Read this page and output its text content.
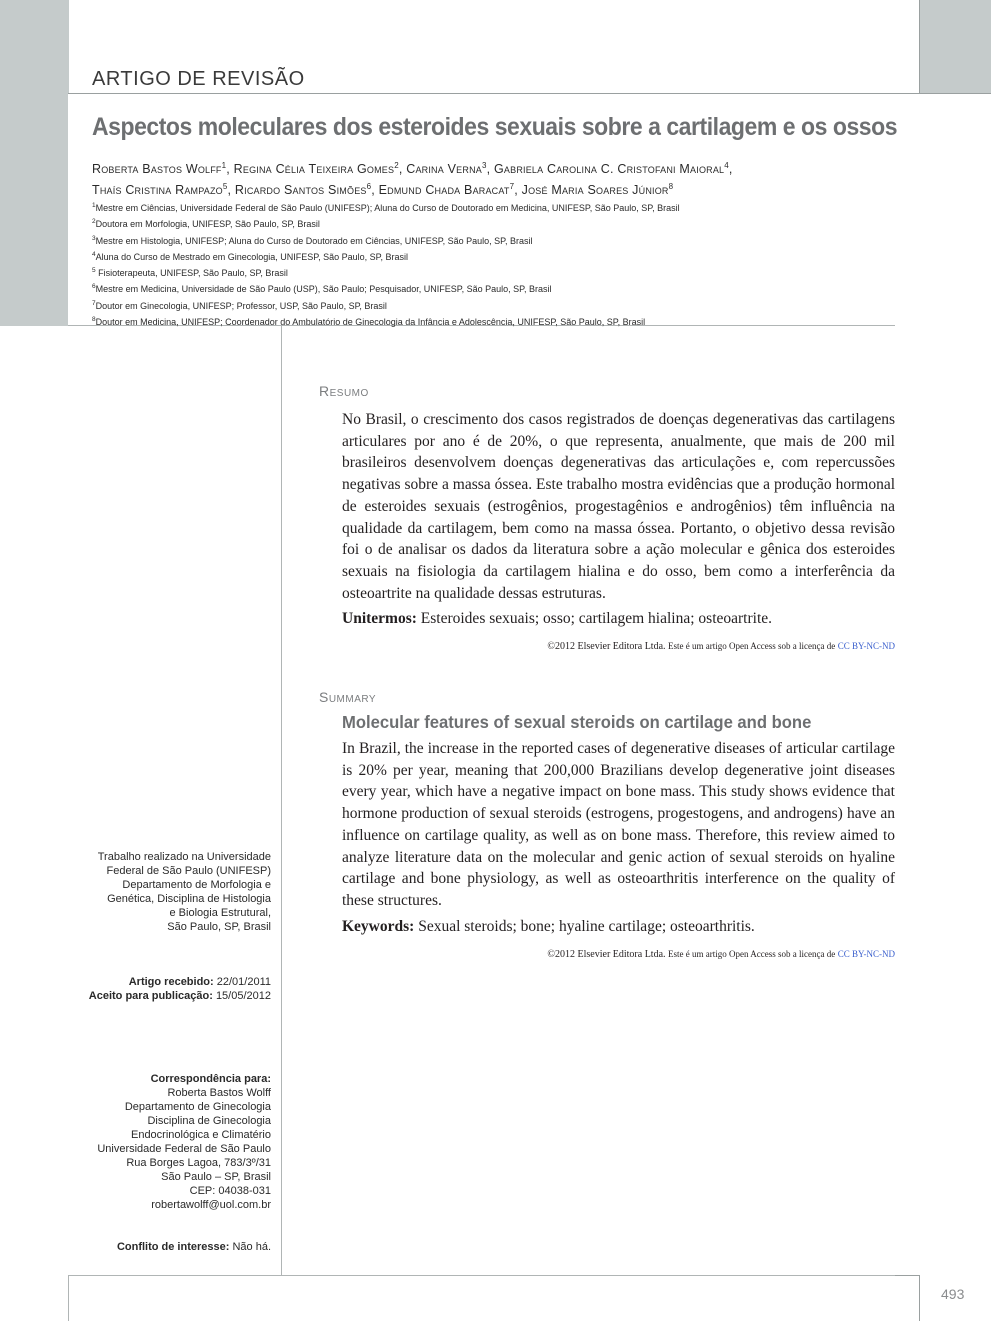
ARTIGO DE REVISÃO
Aspectos moleculares dos esteroides sexuais sobre a cartilagem e os ossos
Roberta Bastos Wolff$^1$, Regina Célia Teixeira Gomes$^2$, Carina Verna$^3$, Gabriela Carolina C. Cristofani Maioral$^4$,
Thaís Cristina Rampazo$^5$, Ricardo Santos Simões$^6$, Edmund Chada Baracat$^7$, José Maria Soares Júnior$^8$
$^1$Mestre em Ciências, Universidade Federal de São Paulo (UNIFESP); Aluna do Curso de Doutorado em Medicina, UNIFESP, São Paulo, SP, Brasil
$^2$Doutora em Morfologia, UNIFESP, São Paulo, SP, Brasil
$^3$Mestre em Histologia, UNIFESP; Aluna do Curso de Doutorado em Ciências, UNIFESP, São Paulo, SP, Brasil
$^4$Aluna do Curso de Mestrado em Ginecologia, UNIFESP, São Paulo, SP, Brasil
$^5$ Fisioterapeuta, UNIFESP, São Paulo, SP, Brasil
$^6$Mestre em Medicina, Universidade de São Paulo (USP), São Paulo; Pesquisador, UNIFESP, São Paulo, SP, Brasil
$^7$Doutor em Ginecologia, UNIFESP; Professor, USP, São Paulo, SP, Brasil
$^8$Doutor em Medicina, UNIFESP; Coordenador do Ambulatório de Ginecologia da Infância e Adolescência, UNIFESP, São Paulo, SP, Brasil
Trabalho realizado na Universidade
Federal de São Paulo (UNIFESP)
Departamento de Morfologia e
Genética, Disciplina de Histologia
e Biologia Estrutural,
São Paulo, SP, Brasil
Artigo recebido: 22/01/2011
Aceito para publicação: 15/05/2012
Correspondência para:
Roberta Bastos Wolff
Departamento de Ginecologia
Disciplina de Ginecologia
Endocrinológica e Climatério
Universidade Federal de São Paulo
Rua Borges Lagoa, 783/3º/31
São Paulo – SP, Brasil
CEP: 04038-031
robertawolff@uol.com.br
Conflito de interesse: Não há.
Resumo

No Brasil, o crescimento dos casos registrados de doenças degenerativas das cartilagens articulares por ano é de 20%, o que representa, anualmente, que mais de 200 mil brasileiros desenvolvem doenças degenerativas das articulações e, com repercussões negativas sobre a massa óssea. Este trabalho mostra evidências que a produção hormonal de esteroides sexuais (estrogênios, progestagênios e androgênios) têm influência na qualidade da cartilagem, bem como na massa óssea. Portanto, o objetivo dessa revisão foi o de analisar os dados da literatura sobre a ação molecular e gênica dos esteroides sexuais na fisiologia da cartilagem hialina e do osso, bem como a interferência da osteoartrite na qualidade dessas estruturas.

Unitermos: Esteroides sexuais; osso; cartilagem hialina; osteoartrite.
©2012 Elsevier Editora Ltda. Este é um artigo Open Access sob a licença de CC BY-NC-ND
Summary
Molecular features of sexual steroids on cartilage and bone

In Brazil, the increase in the reported cases of degenerative diseases of articular cartilage is 20% per year, meaning that 200,000 Brazilians develop degenerative joint diseases every year, which have a negative impact on bone mass. This study shows evidence that hormone production of sexual steroids (estrogens, progestogens, and androgens) have an influence on cartilage quality, as well as on bone mass. Therefore, this review aimed to analyze literature data on the molecular and genic action of sexual steroids on hyaline cartilage and bone physiology, as well as osteoarthritis interference on the quality of these structures.

Keywords: Sexual steroids; bone; hyaline cartilage; osteoarthritis.
©2012 Elsevier Editora Ltda. Este é um artigo Open Access sob a licença de CC BY-NC-ND
493
